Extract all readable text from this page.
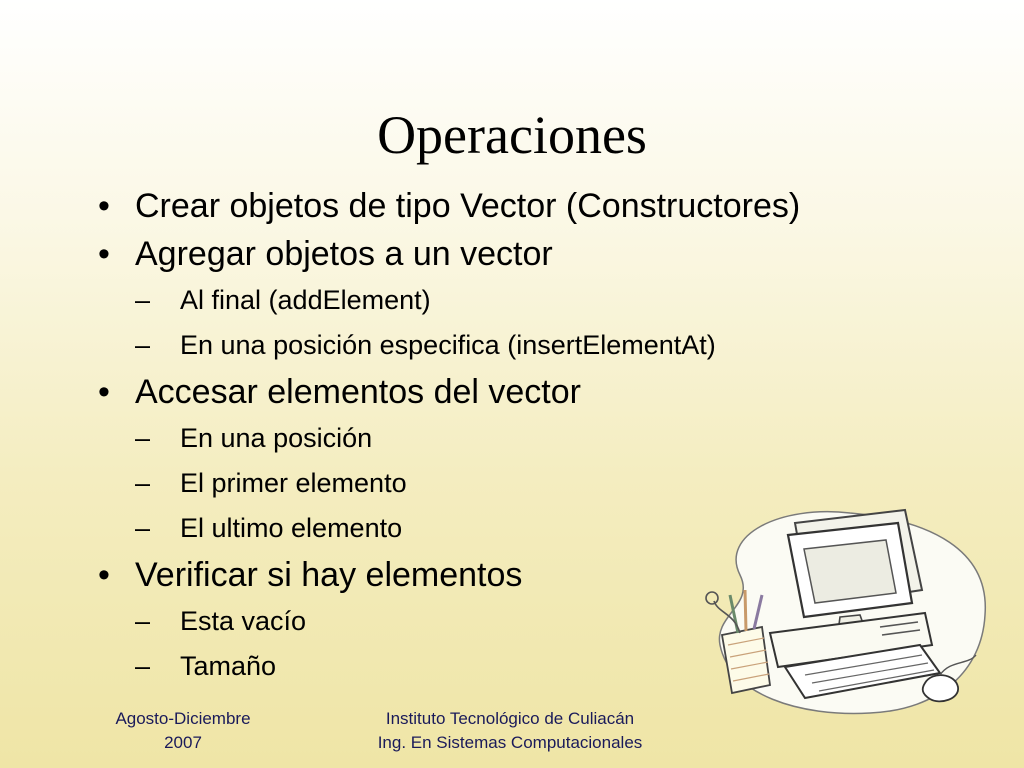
Operaciones
• Crear objetos de tipo Vector (Constructores)
• Agregar objetos a un vector
–	Al final (addElement)
–	En una posición especifica (insertElementAt)
• Accesar elementos del vector
–	En una posición
–	El primer elemento
–	El ultimo elemento
• Verificar si hay elementos
–	Esta vacío
–	Tamaño
Agosto-Diciembre
2007
Instituto Tecnológico de Culiacán
Ing. En Sistemas Computacionales
